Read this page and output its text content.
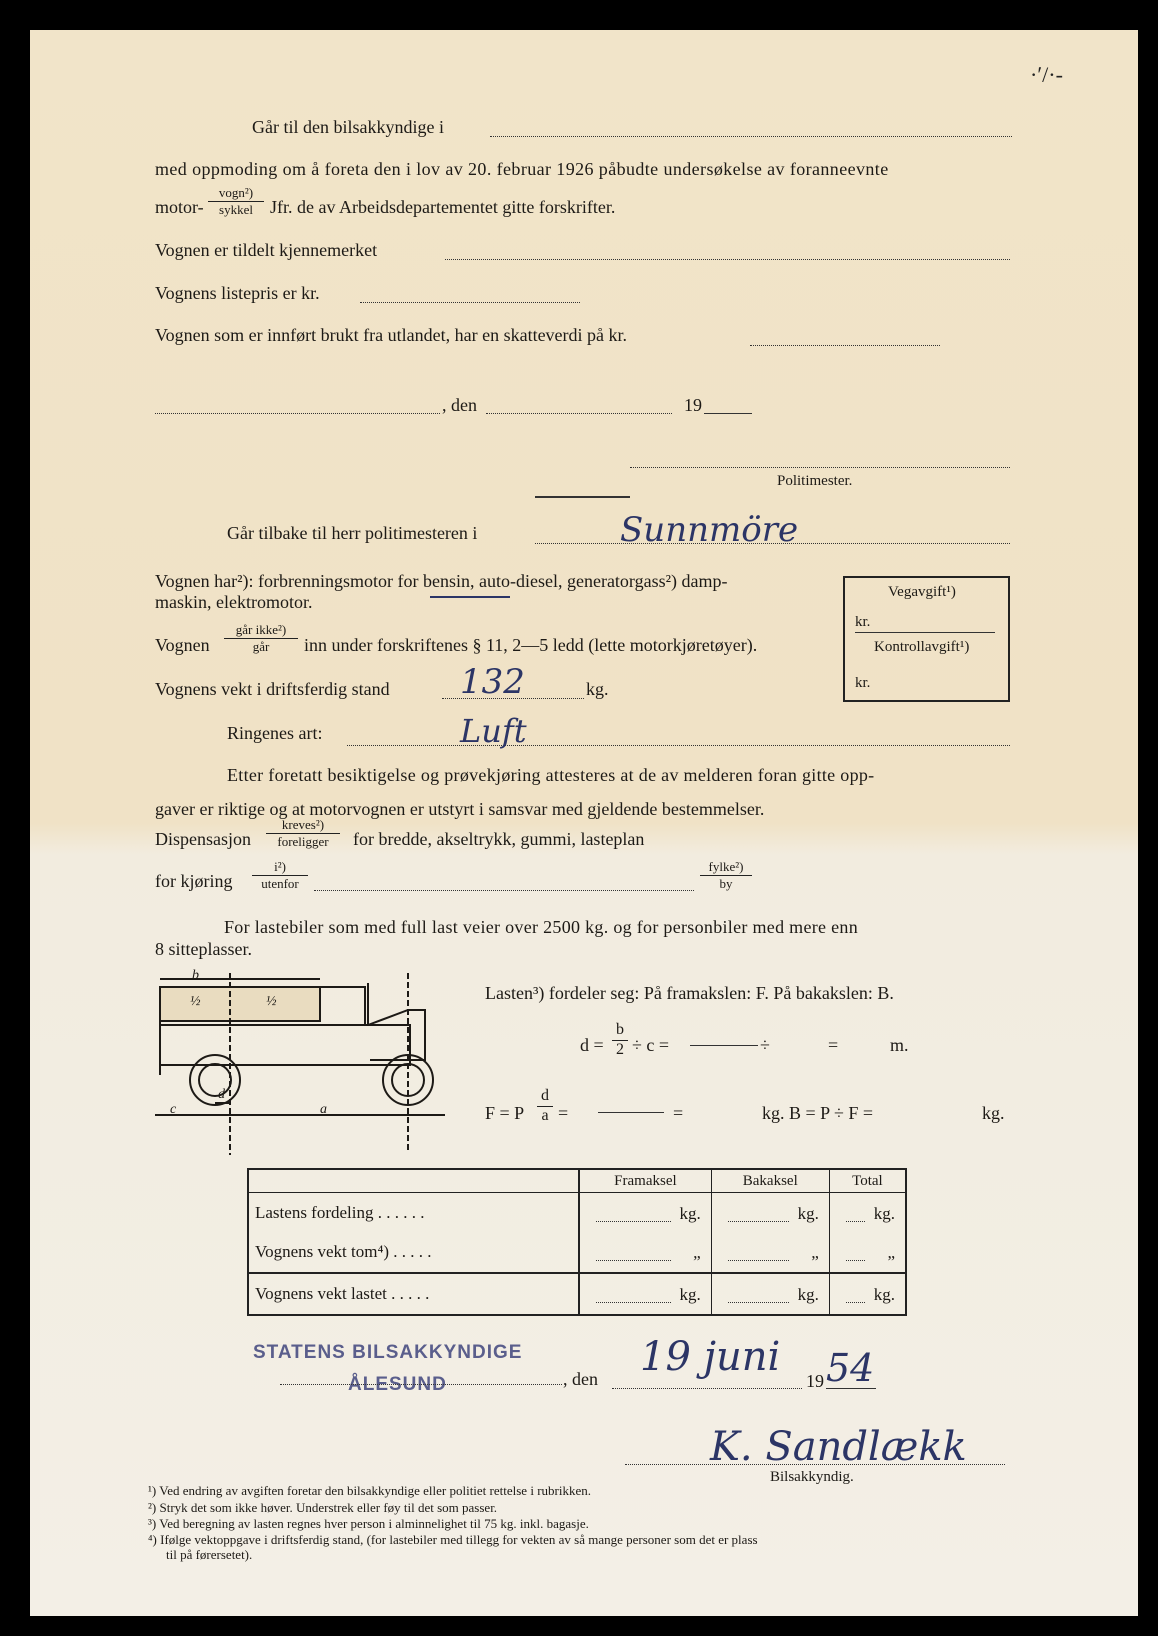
·ʹ/·-
Går til den bilsakkyndige i
med oppmoding om å foreta den i lov av 20. februar 1926 påbudte undersøkelse av foranneevnte
motor-
vogn²)
sykkel Jfr. de av Arbeidsdepartementet gitte forskrifter.
Vognen er tildelt kjennemerket
Vognens listepris er kr.
Vognen som er innført brukt fra utlandet, har en skatteverdi på kr.
, den	19
Politimester.
Går tilbake til herr politimesteren i	Sunnmöre
Vognen har²): forbrenningsmotor for bensin, auto-diesel, generatorgass²) damp-
maskin, elektromotor.
Vognen
går ikke²)
går	inn under forskriftenes § 11, 2—5 ledd (lette motorkjøretøyer).
Vognens vekt i driftsferdig stand 132	kg.
Ringenes art:	Luft
Vegavgift¹)
kr.
Kontrollavgift¹)
kr.
Etter foretatt besiktigelse og prøvekjøring attesteres at de av melderen foran gitte opp-
gaver er riktige og at motorvognen er utstyrt i samsvar med gjeldende bestemmelser.
Dispensasjon
kreves²)
foreligger	for bredde, akseltrykk, gummi, lasteplan
for kjøring
i²)
utenfor
fylke²)
by
For lastebiler som med full last veier over 2500 kg. og for personbiler med mere enn
8 sitteplasser.
b
½	½
d
c	a
Lasten³) fordeler seg: På framakslen: F. På bakakslen: B.
$d = \frac{b}{2} \div c$ =	÷	=	m.
F = P $\frac{d}{a}$ =	=	kg. B = P ÷ F =	kg.
	Framaksel	Bakaksel	Total
Lastens fordeling . . . . . .	kg.	kg.	kg.

Vognens vekt tom⁴) . . . . .	„	„	„

Vognens vekt lastet . . . . .	kg.	kg.	kg.
STATENS BILSAKKYNDIGE
ÅLESUND	, den 19 juni
19 54
K. Sandlækk
Bilsakkyndig.
¹) Ved endring av avgiften foretar den bilsakkyndige eller politiet rettelse i rubrikken.
²) Stryk det som ikke høver. Understrek eller føy til det som passer.
³) Ved beregning av lasten regnes hver person i alminnelighet til 75 kg. inkl. bagasje.
⁴) Ifølge vektoppgave i driftsferdig stand, (for lastebiler med tillegg for vekten av så mange personer som det er plass
til på førersetet).
